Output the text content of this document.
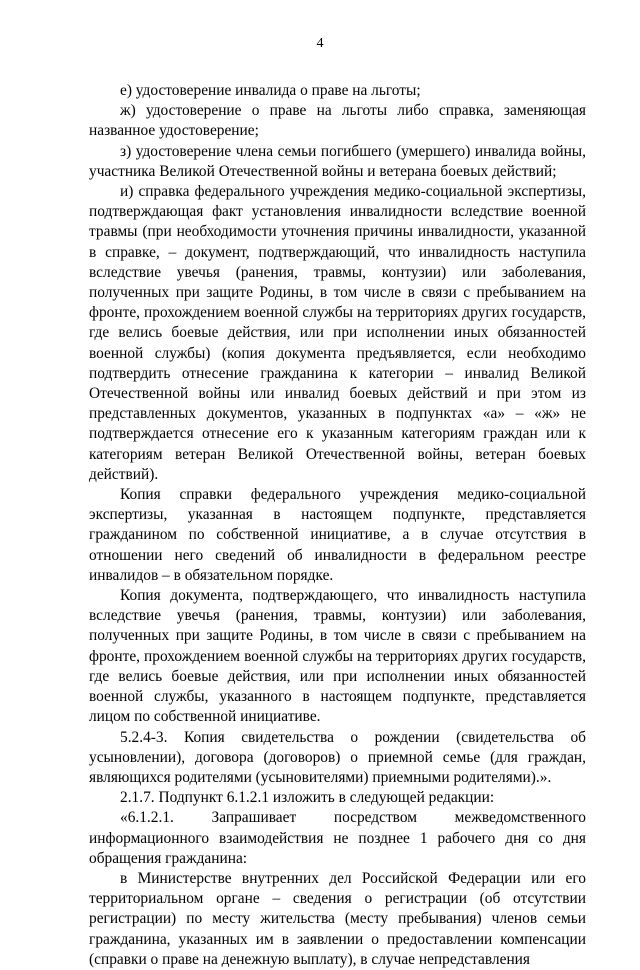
4

е) удостоверение инвалида о праве на льготы;

ж) удостоверение о праве на льготы либо справка, заменяющая названное удостоверение;

з) удостоверение члена семьи погибшего (умершего) инвалида войны, участника Великой Отечественной войны и ветерана боевых действий;

и) справка федерального учреждения медико-социальной экспертизы, подтверждающая факт установления инвалидности вследствие военной травмы (при необходимости уточнения причины инвалидности, указанной в справке, – документ, подтверждающий, что инвалидность наступила вследствие увечья (ранения, травмы, контузии) или заболевания, полученных при защите Родины, в том числе в связи с пребыванием на фронте, прохождением военной службы на территориях других государств, где велись боевые действия, или при исполнении иных обязанностей военной службы) (копия документа предъявляется, если необходимо подтвердить отнесение гражданина к категории – инвалид Великой Отечественной войны или инвалид боевых действий и при этом из представленных документов, указанных в подпунктах «а» – «ж» не подтверждается отнесение его к указанным категориям граждан или к категориям ветеран Великой Отечественной войны, ветеран боевых действий).

Копия справки федерального учреждения медико-социальной экспертизы, указанная в настоящем подпункте, представляется гражданином по собственной инициативе, а в случае отсутствия в отношении него сведений об инвалидности в федеральном реестре инвалидов – в обязательном порядке.

Копия документа, подтверждающего, что инвалидность наступила вследствие увечья (ранения, травмы, контузии) или заболевания, полученных при защите Родины, в том числе в связи с пребыванием на фронте, прохождением военной службы на территориях других государств, где велись боевые действия, или при исполнении иных обязанностей военной службы, указанного в настоящем подпункте, представляется лицом по собственной инициативе.

5.2.4-3. Копия свидетельства о рождении (свидетельства об усыновлении), договора (договоров) о приемной семье (для граждан, являющихся родителями (усыновителями) приемными родителями).».

2.1.7. Подпункт 6.1.2.1 изложить в следующей редакции:

«6.1.2.1. Запрашивает посредством межведомственного информационного взаимодействия не позднее 1 рабочего дня со дня обращения гражданина:

в Министерстве внутренних дел Российской Федерации или его территориальном органе – сведения о регистрации (об отсутствии регистрации) по месту жительства (месту пребывания) членов семьи гражданина, указанных им в заявлении о предоставлении компенсации (справки о праве на денежную выплату), в случае непредставления
